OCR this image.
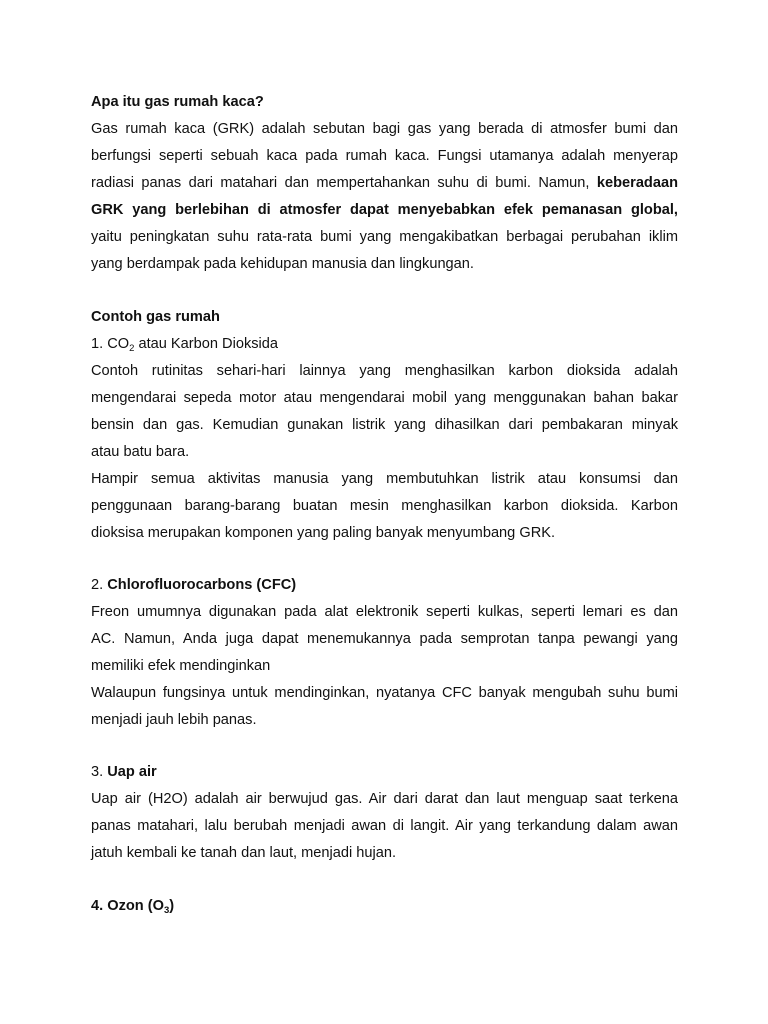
Apa itu gas rumah kaca?

Gas rumah kaca (GRK) adalah sebutan bagi gas yang berada di atmosfer bumi dan

berfungsi seperti sebuah kaca pada rumah kaca. Fungsi utamanya adalah menyerap

radiasi panas dari matahari dan mempertahankan suhu di bumi. Namun, keberadaan

GRK yang berlebihan di atmosfer dapat menyebabkan efek pemanasan global,

yaitu peningkatan suhu rata-rata bumi yang mengakibatkan berbagai perubahan iklim

yang berdampak pada kehidupan manusia dan lingkungan.

Contoh gas rumah

1. $CO_2$ atau Karbon Dioksida

Contoh rutinitas sehari-hari lainnya yang menghasilkan karbon dioksida adalah

mengendarai sepeda motor atau mengendarai mobil yang menggunakan bahan bakar

bensin dan gas. Kemudian gunakan listrik yang dihasilkan dari pembakaran minyak

atau batu bara.

Hampir semua aktivitas manusia yang membutuhkan listrik atau konsumsi dan

penggunaan barang-barang buatan mesin menghasilkan karbon dioksida. Karbon

dioksisa merupakan komponen yang paling banyak menyumbang GRK.

2. Chlorofluorocarbons (CFC)

Freon umumnya digunakan pada alat elektronik seperti kulkas, seperti lemari es dan

AC. Namun, Anda juga dapat menemukannya pada semprotan tanpa pewangi yang

memiliki efek mendinginkan

Walaupun fungsinya untuk mendinginkan, nyatanya CFC banyak mengubah suhu bumi

menjadi jauh lebih panas.

3. Uap air

Uap air (H2O) adalah air berwujud gas. Air dari darat dan laut menguap saat terkena

panas matahari, lalu berubah menjadi awan di langit. Air yang terkandung dalam awan

jatuh kembali ke tanah dan laut, menjadi hujan.

4. Ozon $(O_3)$
